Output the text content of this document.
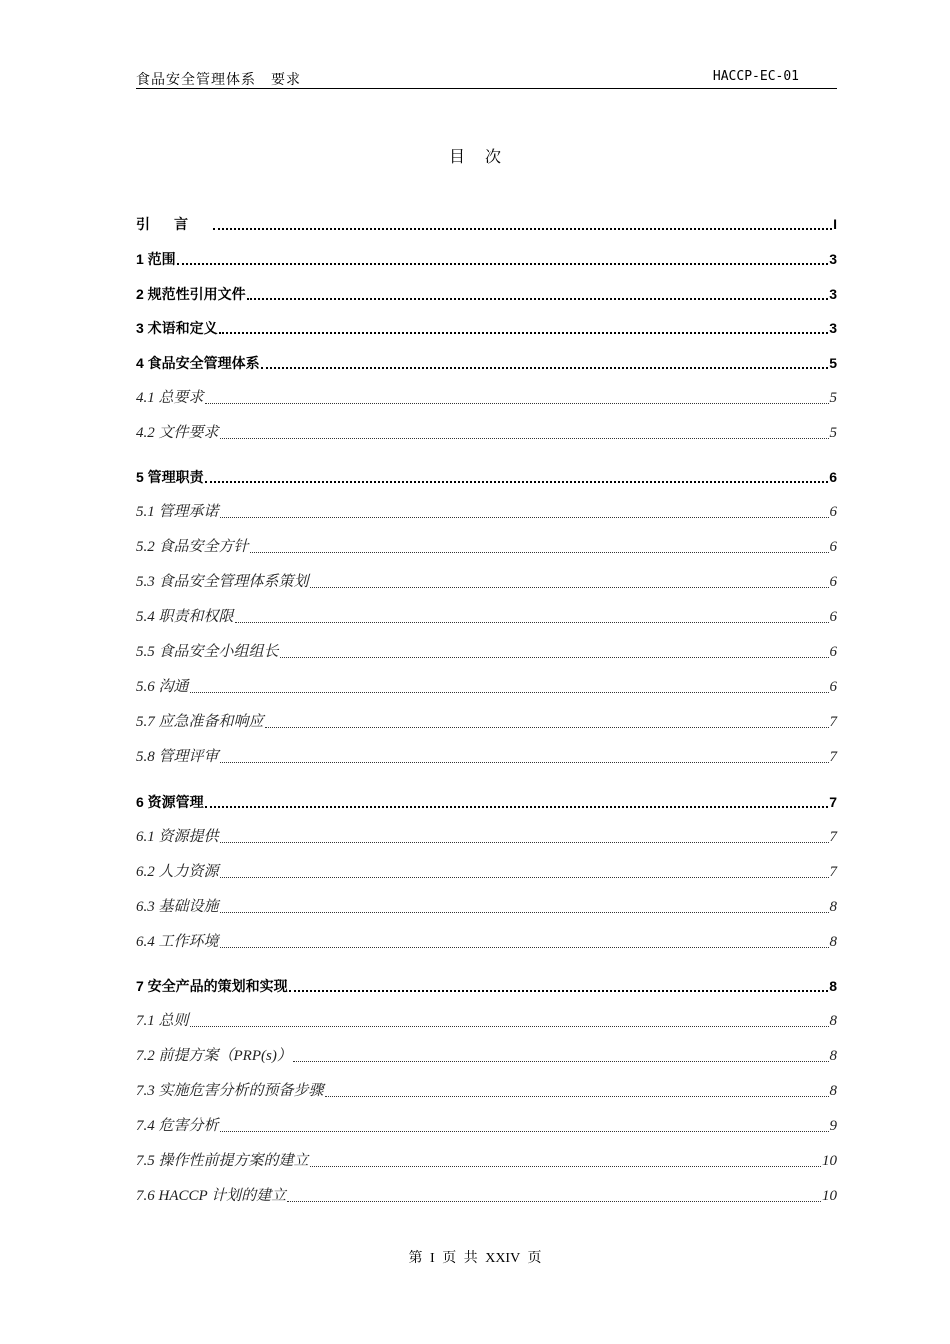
食品安全管理体系　要求	HACCP-EC-01
目次
引言	I
1 范围	3
2 规范性引用文件	3
3 术语和定义	3
4 食品安全管理体系	5
4.1 总要求	5
4.2 文件要求	5
5 管理职责	6
5.1 管理承诺	6
5.2 食品安全方针	6
5.3 食品安全管理体系策划	6
5.4 职责和权限	6
5.5 食品安全小组组长	6
5.6 沟通	6
5.7 应急准备和响应	7
5.8 管理评审	7
6 资源管理	7
6.1 资源提供	7
6.2 人力资源	7
6.3 基础设施	8
6.4 工作环境	8
7 安全产品的策划和实现	8
7.1 总则	8
7.2 前提方案（PRP(s)）	8
7.3 实施危害分析的预备步骤	8
7.4 危害分析	9
7.5 操作性前提方案的建立	10
7.6 HACCP 计划的建立	10
第 I 页 共 XXIV 页
